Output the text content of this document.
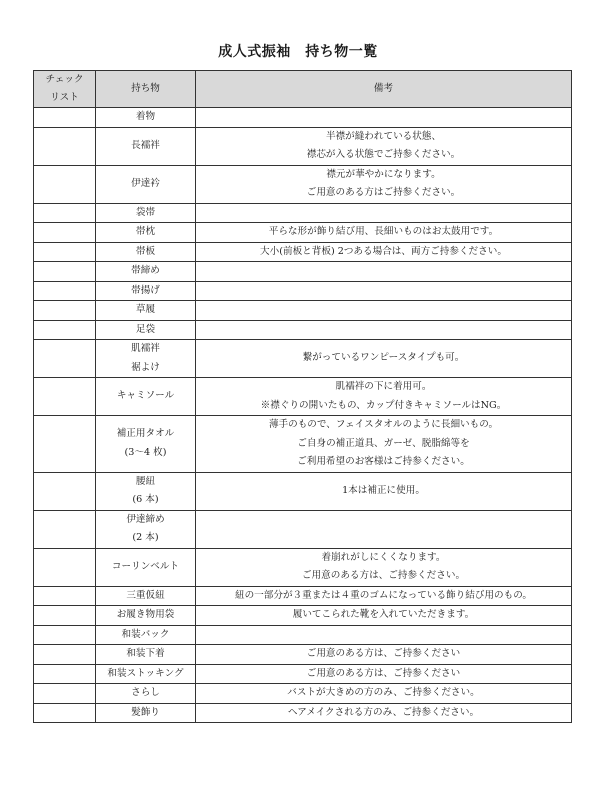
成人式振袖　持ち物一覧
チェック
リスト	持ち物	備考

	着物	

	長襦袢	半襟が縫われている状態、
襟芯が入る状態でご持参ください。

	伊達衿	襟元が華やかになります。
ご用意のある方はご持参ください。

	袋帯	

	帯枕	平らな形が飾り結び用、長細いものはお太鼓用です。

	帯板	大小(前板と背板) 2つある場合は、両方ご持参ください。

	帯締め	

	帯揚げ	

	草履	

	足袋	

	肌襦袢
裾よけ	繋がっているワンピースタイプも可。

	キャミソール	肌襦袢の下に着用可。
※襟ぐりの開いたもの、カップ付きキャミソールはNG。

	補正用タオル
(3〜4 枚)	薄手のもので、フェイスタオルのように長細いもの。
ご自身の補正道具、ガーゼ、脱脂綿等を
ご利用希望のお客様はご持参ください。

	腰紐
(6 本)	1本は補正に使用。

	伊達締め
(2 本)	

	コーリンベルト	着崩れがしにくくなります。
ご用意のある方は、ご持参ください。

	三重仮紐	紐の一部分が３重または４重のゴムになっている飾り結び用のもの。

	お履き物用袋	履いてこられた靴を入れていただきます。

	和装バック	

	和装下着	ご用意のある方は、ご持参ください

	和装ストッキング	ご用意のある方は、ご持参ください

	さらし	バストが大きめの方のみ、ご持参ください。

	髪飾り	ヘアメイクされる方のみ、ご持参ください。
